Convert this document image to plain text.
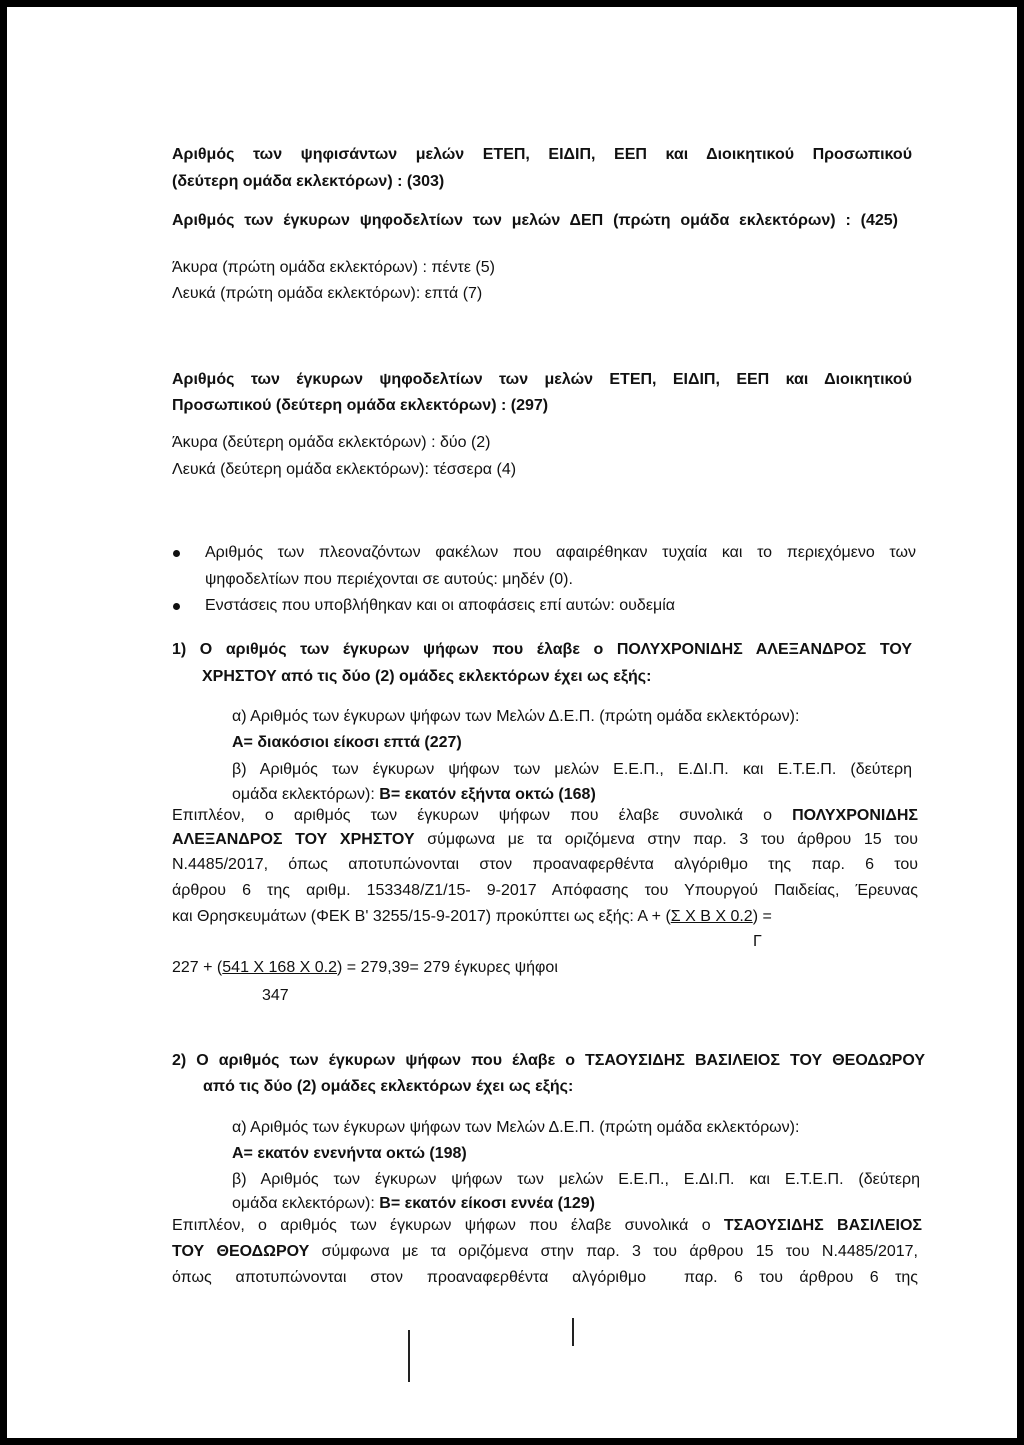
Αριθμός των ψηφισάντων μελών ΕΤΕΠ, ΕΙΔΙΠ, ΕΕΠ και Διοικητικού Προσωπικού
(δεύτερη ομάδα εκλεκτόρων) : (303)
Αριθμός των έγκυρων ψηφοδελτίων των μελών ΔΕΠ (πρώτη ομάδα εκλεκτόρων) : (425)
Άκυρα (πρώτη ομάδα εκλεκτόρων) : πέντε (5)
Λευκά (πρώτη ομάδα εκλεκτόρων): επτά (7)
Αριθμός των έγκυρων ψηφοδελτίων των μελών ΕΤΕΠ, ΕΙΔΙΠ, ΕΕΠ και Διοικητικού
Προσωπικού (δεύτερη ομάδα εκλεκτόρων) : (297)
Άκυρα (δεύτερη ομάδα εκλεκτόρων) : δύο (2)
Λευκά (δεύτερη ομάδα εκλεκτόρων): τέσσερα (4)
Αριθμός των πλεοναζόντων φακέλων που αφαιρέθηκαν τυχαία και το περιεχόμενο των
ψηφοδελτίων που περιέχονται σε αυτούς: μηδέν (0).
Ενστάσεις που υποβλήθηκαν και οι αποφάσεις επί αυτών: ουδεμία
1) Ο αριθμός των έγκυρων ψήφων που έλαβε ο ΠΟΛΥΧΡΟΝΙΔΗΣ ΑΛΕΞΑΝΔΡΟΣ ΤΟΥ
ΧΡΗΣΤΟΥ από τις δύο (2) ομάδες εκλεκτόρων έχει ως εξής:
α) Αριθμός των έγκυρων ψήφων των Μελών Δ.Ε.Π. (πρώτη ομάδα εκλεκτόρων):
Α= διακόσιοι είκοσι επτά (227)
β) Αριθμός των έγκυρων ψήφων των μελών Ε.Ε.Π., Ε.ΔΙ.Π. και Ε.Τ.Ε.Π. (δεύτερη
ομάδα εκλεκτόρων): Β= εκατόν εξήντα οκτώ (168)
Επιπλέον, ο αριθμός των έγκυρων ψήφων που έλαβε συνολικά ο ΠΟΛΥΧΡΟΝΙΔΗΣ
ΑΛΕΞΑΝΔΡΟΣ ΤΟΥ ΧΡΗΣΤΟΥ σύμφωνα με τα οριζόμενα στην παρ. 3 του άρθρου 15 του
Ν.4485/2017, όπως αποτυπώνονται στον προαναφερθέντα αλγόριθμο της παρ. 6 του
άρθρου 6 της αριθμ. 153348/Ζ1/15- 9-2017 Απόφασης του Υπουργού Παιδείας, Έρευνας
και Θρησκευμάτων (ΦΕΚ Β' 3255/15-9-2017) προκύπτει ως εξής: Α + (Σ Χ Β Χ 0.2) =
Γ
227 + (541 Χ 168 Χ 0.2) = 279,39= 279 έγκυρες ψήφοι
347
2) Ο αριθμός των έγκυρων ψήφων που έλαβε ο ΤΣΑΟΥΣΙΔΗΣ ΒΑΣΙΛΕΙΟΣ ΤΟΥ ΘΕΟΔΩΡΟΥ
από τις δύο (2) ομάδες εκλεκτόρων έχει ως εξής:
α) Αριθμός των έγκυρων ψήφων των Μελών Δ.Ε.Π. (πρώτη ομάδα εκλεκτόρων):
Α= εκατόν ενενήντα οκτώ (198)
β) Αριθμός των έγκυρων ψήφων των μελών Ε.Ε.Π., Ε.ΔΙ.Π. και Ε.Τ.Ε.Π. (δεύτερη
ομάδα εκλεκτόρων): Β= εκατόν είκοσι εννέα (129)
Επιπλέον, ο αριθμός των έγκυρων ψήφων που έλαβε συνολικά ο ΤΣΑΟΥΣΙΔΗΣ ΒΑΣΙΛΕΙΟΣ
ΤΟΥ ΘΕΟΔΩΡΟΥ σύμφωνα με τα οριζόμενα στην παρ. 3 του άρθρου 15 του Ν.4485/2017,
όπως αποτυπώνονται στον προαναφερθέντα αλγόριθμο παρ. 6 του άρθρου 6 της
